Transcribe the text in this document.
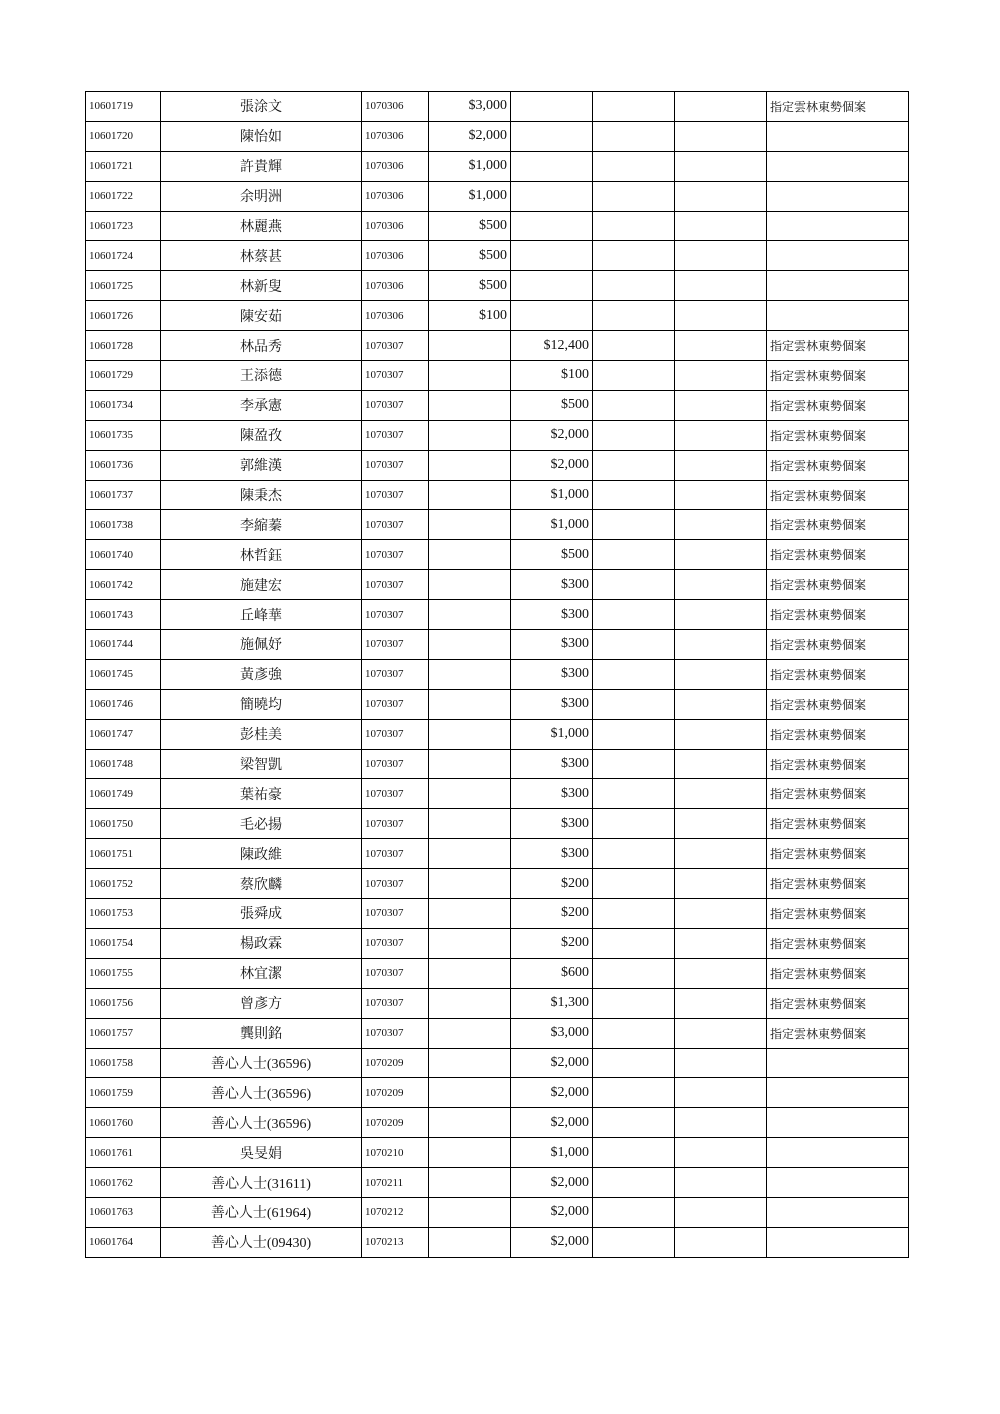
10601719	張涂文	1070306	$3,000				指定雲林東勢個案
10601720	陳怡如	1070306	$2,000				
10601721	許貴輝	1070306	$1,000				
10601722	余明洲	1070306	$1,000				
10601723	林麗燕	1070306	$500				
10601724	林蔡甚	1070306	$500				
10601725	林新叟	1070306	$500				
10601726	陳安茹	1070306	$100				
10601728	林品秀	1070307		$12,400			指定雲林東勢個案
10601729	王添德	1070307		$100			指定雲林東勢個案
10601734	李承憲	1070307		$500			指定雲林東勢個案
10601735	陳盈孜	1070307		$2,000			指定雲林東勢個案
10601736	郭維漢	1070307		$2,000			指定雲林東勢個案
10601737	陳秉杰	1070307		$1,000			指定雲林東勢個案
10601738	李縮蓁	1070307		$1,000			指定雲林東勢個案
10601740	林哲鈺	1070307		$500			指定雲林東勢個案
10601742	施建宏	1070307		$300			指定雲林東勢個案
10601743	丘峰華	1070307		$300			指定雲林東勢個案
10601744	施佩妤	1070307		$300			指定雲林東勢個案
10601745	黃彥強	1070307		$300			指定雲林東勢個案
10601746	簡曉均	1070307		$300			指定雲林東勢個案
10601747	彭桂美	1070307		$1,000			指定雲林東勢個案
10601748	梁智凱	1070307		$300			指定雲林東勢個案
10601749	葉祐豪	1070307		$300			指定雲林東勢個案
10601750	毛必揚	1070307		$300			指定雲林東勢個案
10601751	陳政維	1070307		$300			指定雲林東勢個案
10601752	蔡欣麟	1070307		$200			指定雲林東勢個案
10601753	張舜成	1070307		$200			指定雲林東勢個案
10601754	楊政霖	1070307		$200			指定雲林東勢個案
10601755	林宜潔	1070307		$600			指定雲林東勢個案
10601756	曾彥方	1070307		$1,300			指定雲林東勢個案
10601757	龔則銘	1070307		$3,000			指定雲林東勢個案
10601758	善心人士(36596)	1070209		$2,000			
10601759	善心人士(36596)	1070209		$2,000			
10601760	善心人士(36596)	1070209		$2,000			
10601761	吳旻娟	1070210		$1,000			
10601762	善心人士(31611)	1070211		$2,000			
10601763	善心人士(61964)	1070212		$2,000			
10601764	善心人士(09430)	1070213		$2,000			
